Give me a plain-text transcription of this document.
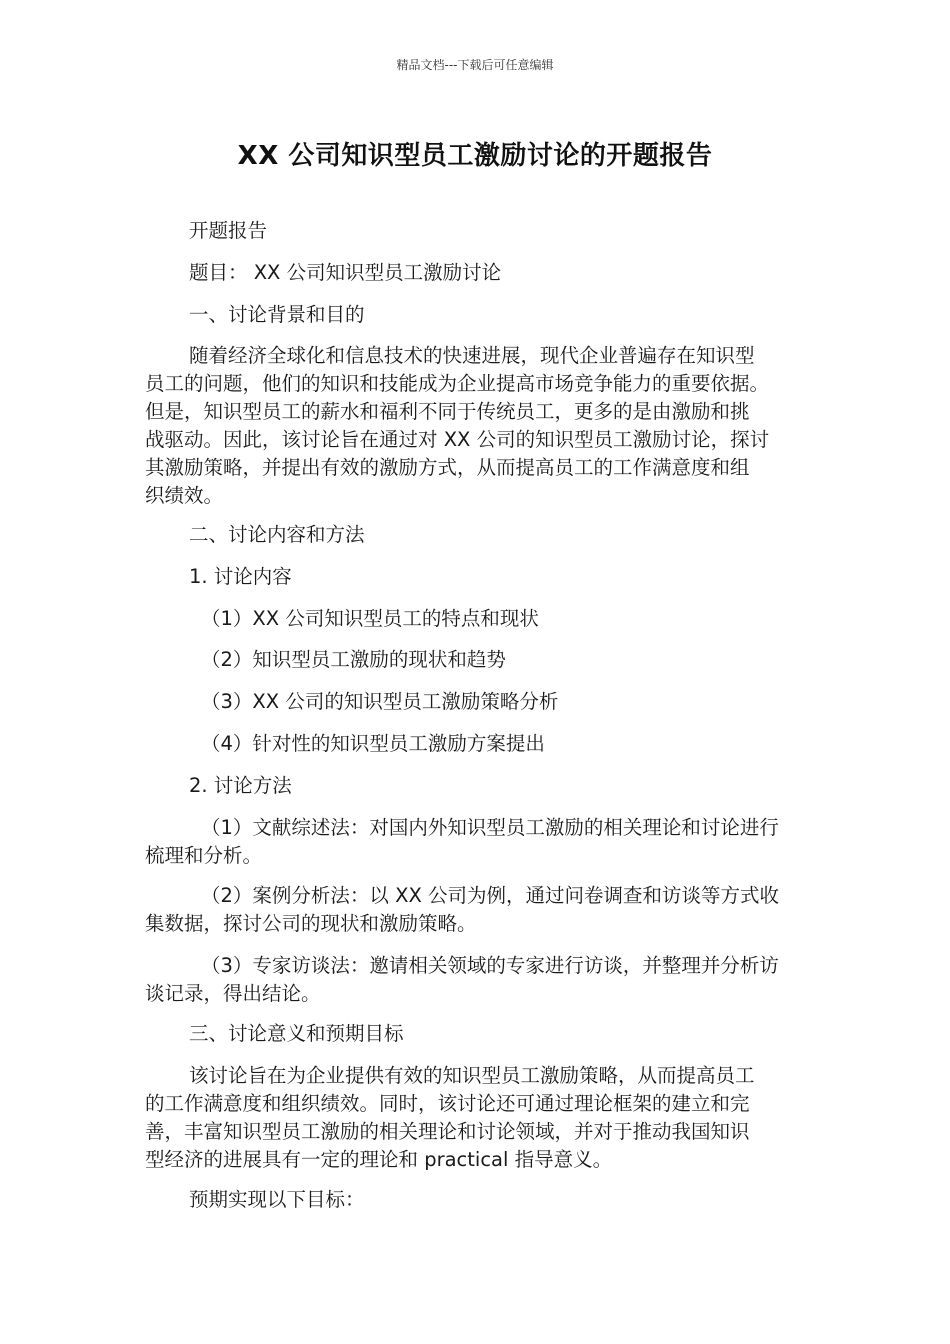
精品文档---下载后可任意编辑
XX 公司知识型员工激励讨论的开题报告
开题报告
题目： XX 公司知识型员工激励讨论
一、讨论背景和目的
随着经济全球化和信息技术的快速进展，现代企业普遍存在知识型
员工的问题，他们的知识和技能成为企业提高市场竞争能力的重要依据。
但是，知识型员工的薪水和福利不同于传统员工，更多的是由激励和挑
战驱动。因此，该讨论旨在通过对 XX 公司的知识型员工激励讨论，探讨
其激励策略，并提出有效的激励方式，从而提高员工的工作满意度和组
织绩效。
二、讨论内容和方法
1. 讨论内容
（1）XX 公司知识型员工的特点和现状
（2）知识型员工激励的现状和趋势
（3）XX 公司的知识型员工激励策略分析
（4）针对性的知识型员工激励方案提出
2. 讨论方法
（1）文献综述法：对国内外知识型员工激励的相关理论和讨论进行
梳理和分析。
（2）案例分析法：以 XX 公司为例，通过问卷调查和访谈等方式收
集数据，探讨公司的现状和激励策略。
（3）专家访谈法：邀请相关领域的专家进行访谈，并整理并分析访
谈记录，得出结论。
三、讨论意义和预期目标
该讨论旨在为企业提供有效的知识型员工激励策略，从而提高员工
的工作满意度和组织绩效。同时，该讨论还可通过理论框架的建立和完
善，丰富知识型员工激励的相关理论和讨论领域，并对于推动我国知识
型经济的进展具有一定的理论和 practical 指导意义。
预期实现以下目标：
